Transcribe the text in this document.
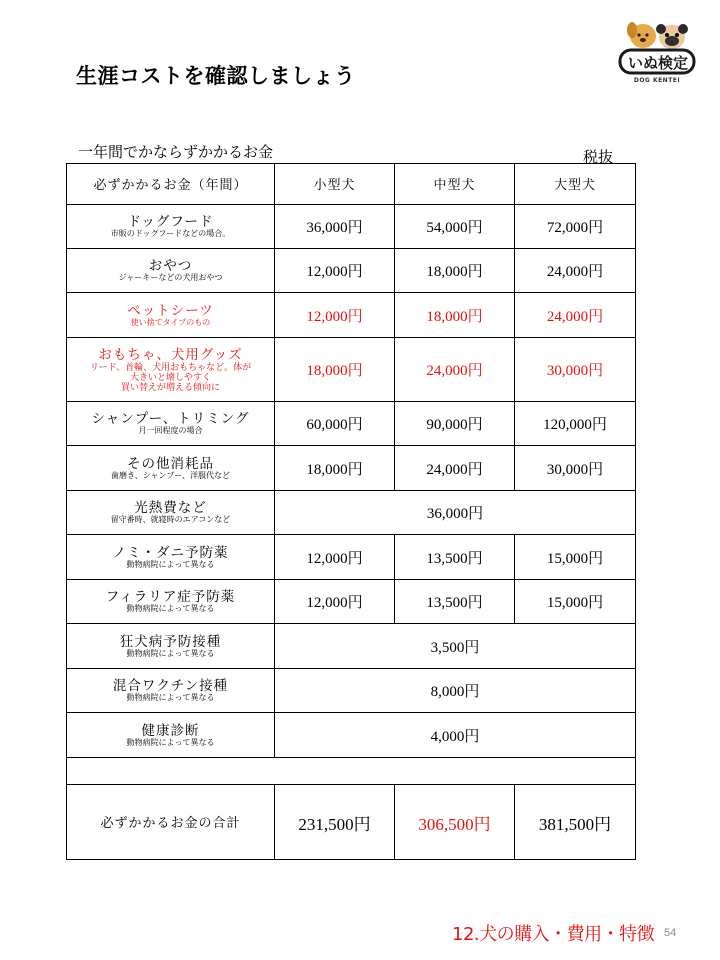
生涯コストを確認しましょう
いぬ検定
DOG KENTEI
一年間でかならずかかるお金	税抜
必ずかかるお金（年間）	小型犬	中型犬	大型犬

ドッグフード
市販のドッグフードなどの場合。	36,000円	54,000円	72,000円

おやつ
ジャーキーなどの犬用おやつ	12,000円	18,000円	24,000円

ペットシーツ
使い捨てタイプのもの	12,000円	18,000円	24,000円

おもちゃ、犬用グッズ
リード、首輪、犬用おもちゃなど。体が
大きいと壊しやすく
買い替えが増える傾向に	18,000円	24,000円	30,000円

シャンプー、トリミング
月一回程度の場合	60,000円	90,000円	120,000円

その他消耗品
歯磨き、シャンプー、洋服代など	18,000円	24,000円	30,000円

光熱費など
留守番時、就寝時のエアコンなど	36,000円		

ノミ・ダニ予防薬
動物病院によって異なる	12,000円	13,500円	15,000円

フィラリア症予防薬
動物病院によって異なる	12,000円	13,500円	15,000円

狂犬病予防接種
動物病院によって異なる	3,500円		

混合ワクチン接種
動物病院によって異なる	8,000円		

健康診断
動物病院によって異なる	4,000円		

必ずかかるお金の合計	231,500円	306,500円	381,500円
12.犬の購入・費用・特徴 54
